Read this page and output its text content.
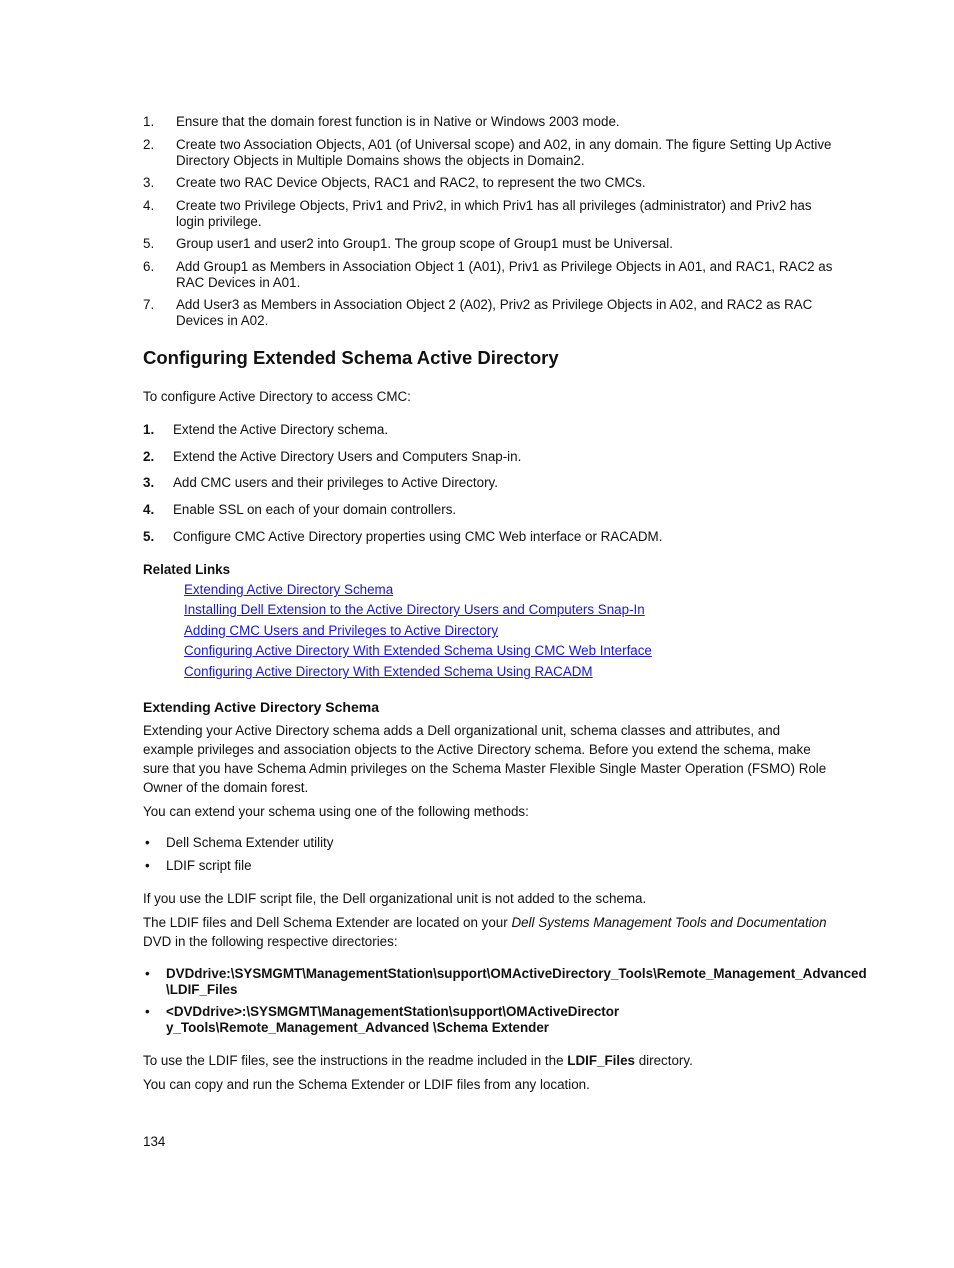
1.	Ensure that the domain forest function is in Native or Windows 2003 mode.
2.	Create two Association Objects, A01 (of Universal scope) and A02, in any domain. The figure Setting Up Active Directory Objects in Multiple Domains shows the objects in Domain2.
3.	Create two RAC Device Objects, RAC1 and RAC2, to represent the two CMCs.
4.	Create two Privilege Objects, Priv1 and Priv2, in which Priv1 has all privileges (administrator) and Priv2 has login privilege.
5.	Group user1 and user2 into Group1. The group scope of Group1 must be Universal.
6.	Add Group1 as Members in Association Object 1 (A01), Priv1 as Privilege Objects in A01, and RAC1, RAC2 as RAC Devices in A01.
7.	Add User3 as Members in Association Object 2 (A02), Priv2 as Privilege Objects in A02, and RAC2 as RAC Devices in A02.
Configuring Extended Schema Active Directory
To configure Active Directory to access CMC:
1.	Extend the Active Directory schema.
2.	Extend the Active Directory Users and Computers Snap-in.
3.	Add CMC users and their privileges to Active Directory.
4.	Enable SSL on each of your domain controllers.
5.	Configure CMC Active Directory properties using CMC Web interface or RACADM.
Related Links
Extending Active Directory Schema
Installing Dell Extension to the Active Directory Users and Computers Snap-In
Adding CMC Users and Privileges to Active Directory
Configuring Active Directory With Extended Schema Using CMC Web Interface
Configuring Active Directory With Extended Schema Using RACADM
Extending Active Directory Schema
Extending your Active Directory schema adds a Dell organizational unit, schema classes and attributes, and example privileges and association objects to the Active Directory schema. Before you extend the schema, make sure that you have Schema Admin privileges on the Schema Master Flexible Single Master Operation (FSMO) Role Owner of the domain forest.
You can extend your schema using one of the following methods:
• Dell Schema Extender utility
• LDIF script file
If you use the LDIF script file, the Dell organizational unit is not added to the schema.
The LDIF files and Dell Schema Extender are located on your Dell Systems Management Tools and Documentation DVD in the following respective directories:
• DVDdrive:\SYSMGMT\ManagementStation\support\OMActiveDirectory_Tools\Remote_Management_Advanced \LDIF_Files
• <DVDdrive>:\SYSMGMT\ManagementStation\support\OMActiveDirector y_Tools\Remote_Management_Advanced \Schema Extender
To use the LDIF files, see the instructions in the readme included in the LDIF_Files directory.
You can copy and run the Schema Extender or LDIF files from any location.
134
